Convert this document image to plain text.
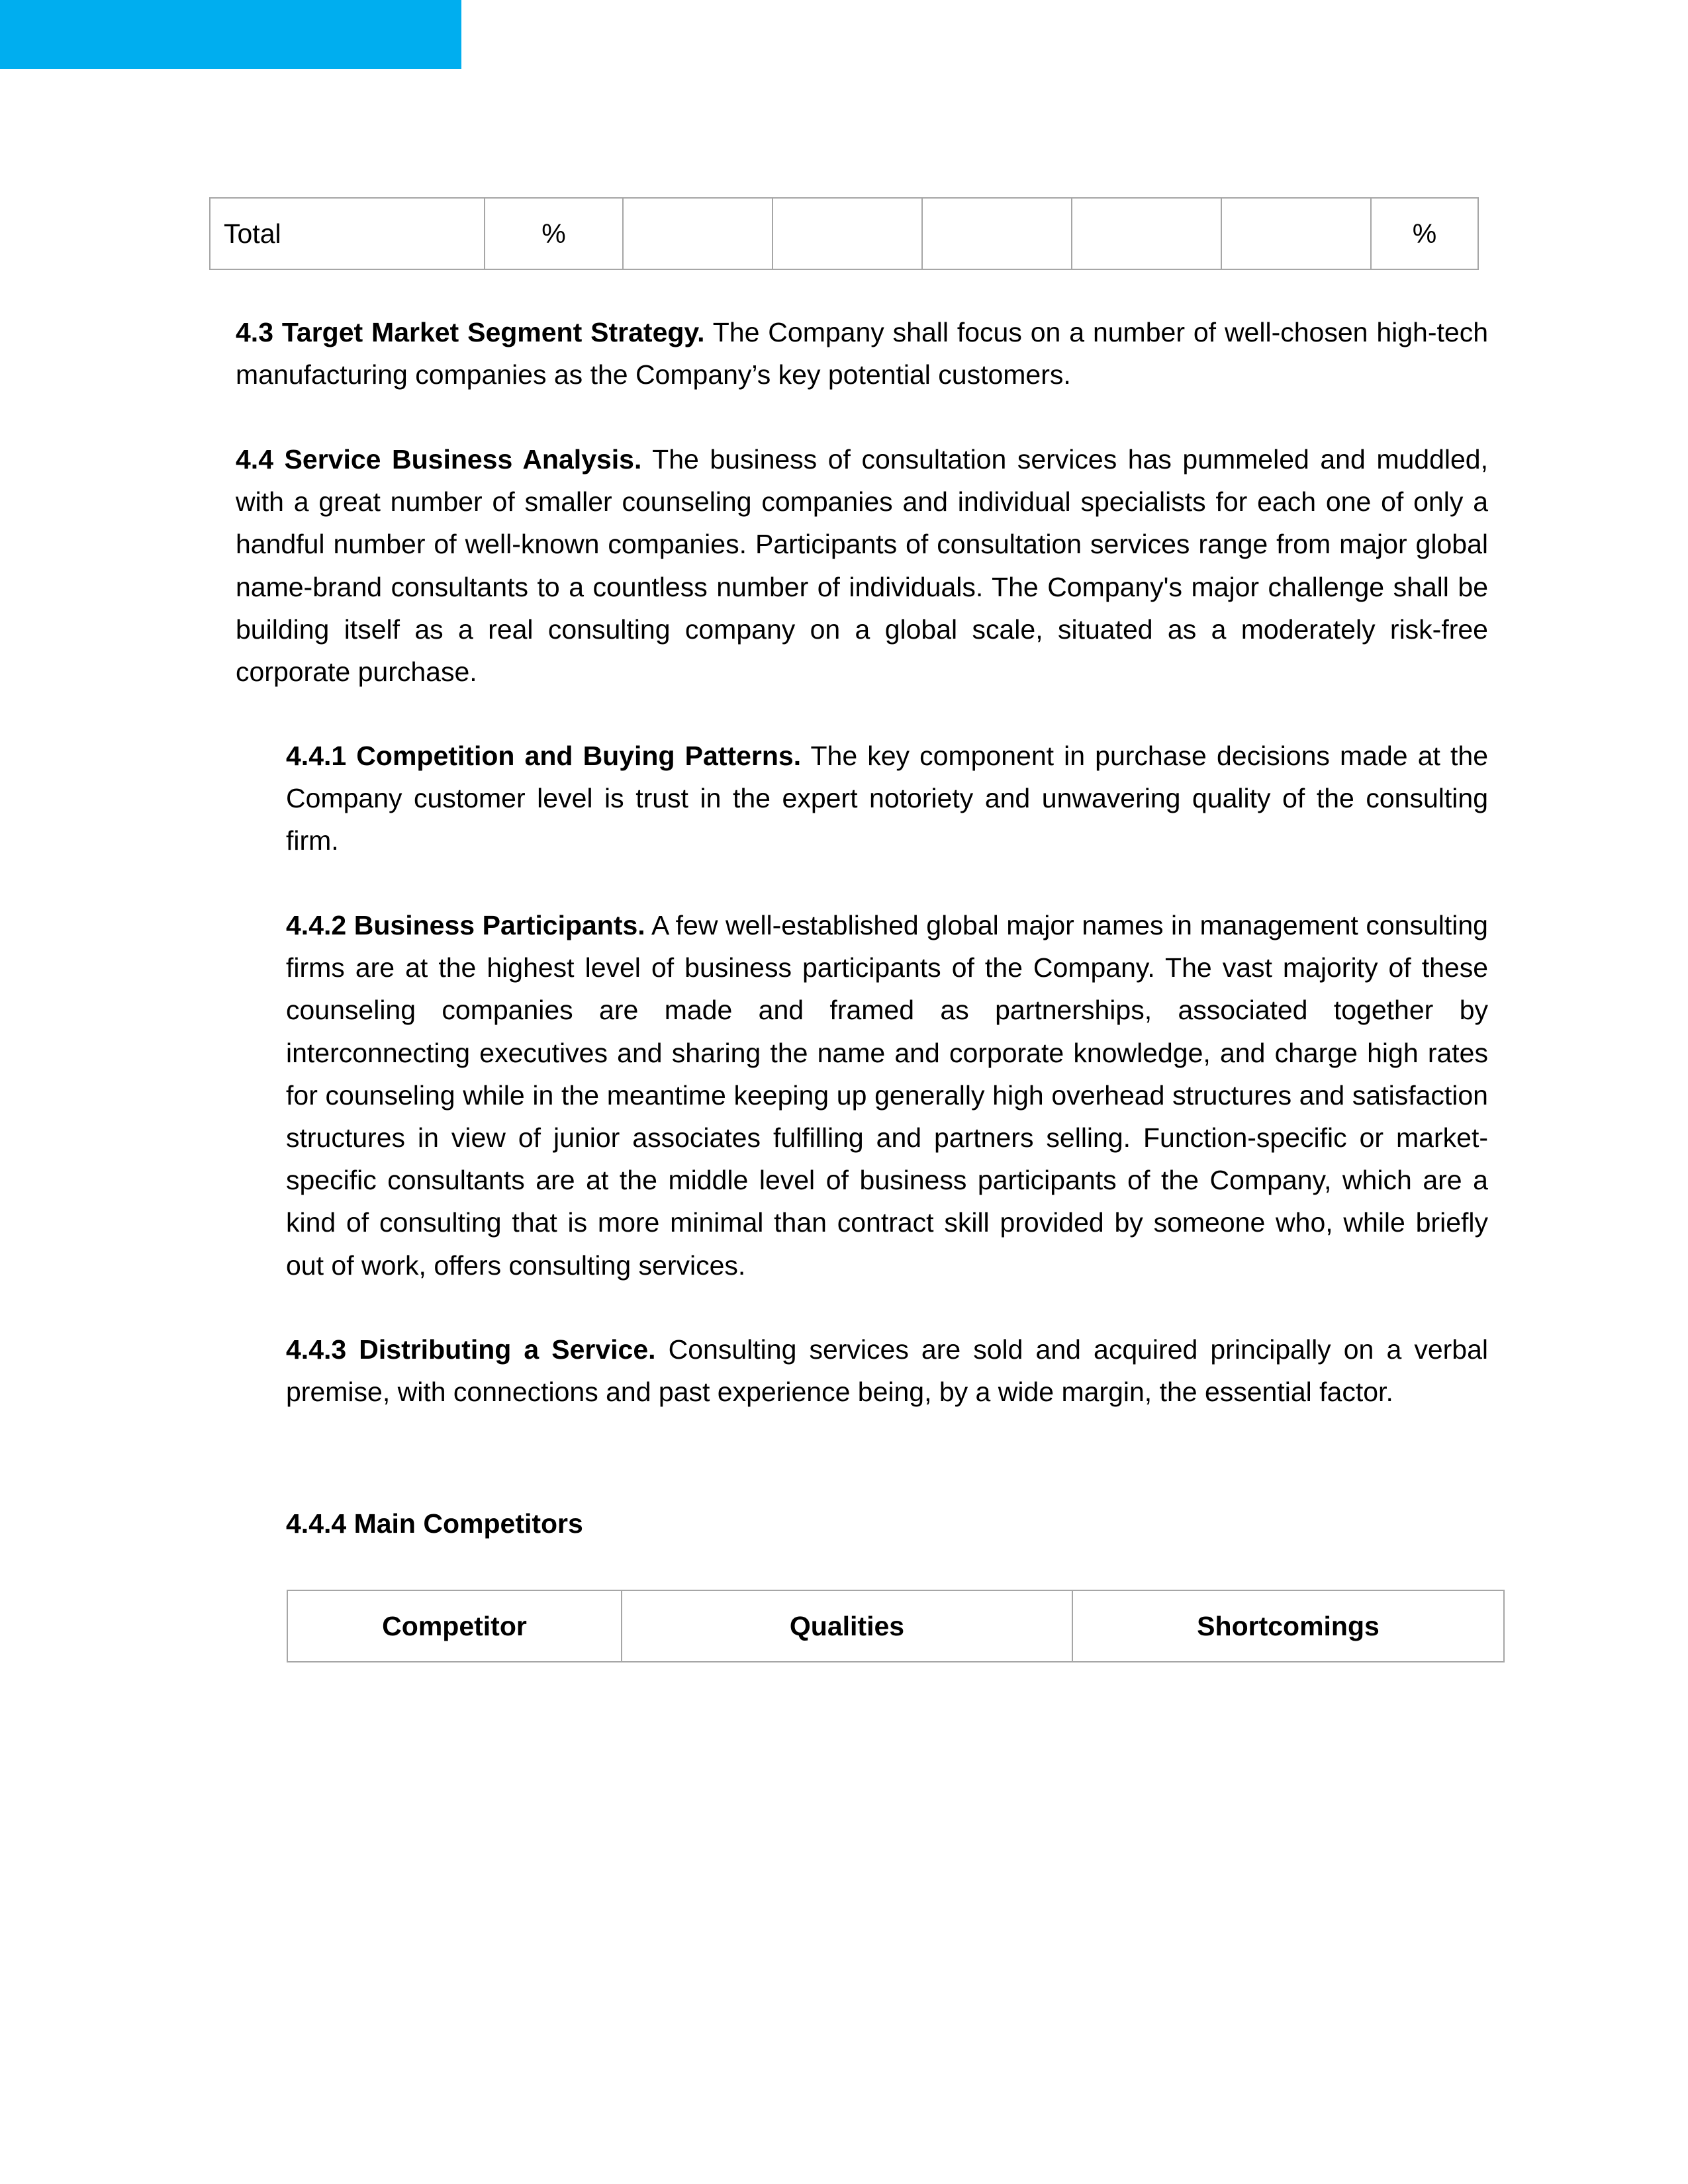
Total	%						%

4.3 Target Market Segment Strategy. The Company shall focus on a number of well-chosen high-tech manufacturing companies as the Company’s key potential customers.

4.4 Service Business Analysis. The business of consultation services has pummeled and muddled, with a great number of smaller counseling companies and individual specialists for each one of only a handful number of well-known companies. Participants of consultation services range from major global name-brand consultants to a countless number of individuals. The Company's major challenge shall be building itself as a real consulting company on a global scale, situated as a moderately risk-free corporate purchase.

4.4.1 Competition and Buying Patterns. The key component in purchase decisions made at the Company customer level is trust in the expert notoriety and unwavering quality of the consulting firm.

4.4.2 Business Participants. A few well-established global major names in management consulting firms are at the highest level of business participants of the Company. The vast majority of these counseling companies are made and framed as partnerships, associated together by interconnecting executives and sharing the name and corporate knowledge, and charge high rates for counseling while in the meantime keeping up generally high overhead structures and satisfaction structures in view of junior associates fulfilling and partners selling. Function-specific or market-specific consultants are at the middle level of business participants of the Company, which are a kind of consulting that is more minimal than contract skill provided by someone who, while briefly out of work, offers consulting services.

4.4.3 Distributing a Service. Consulting services are sold and acquired principally on a verbal premise, with connections and past experience being, by a wide margin, the essential factor.

4.4.4 Main Competitors
Competitor	Qualities	Shortcomings
